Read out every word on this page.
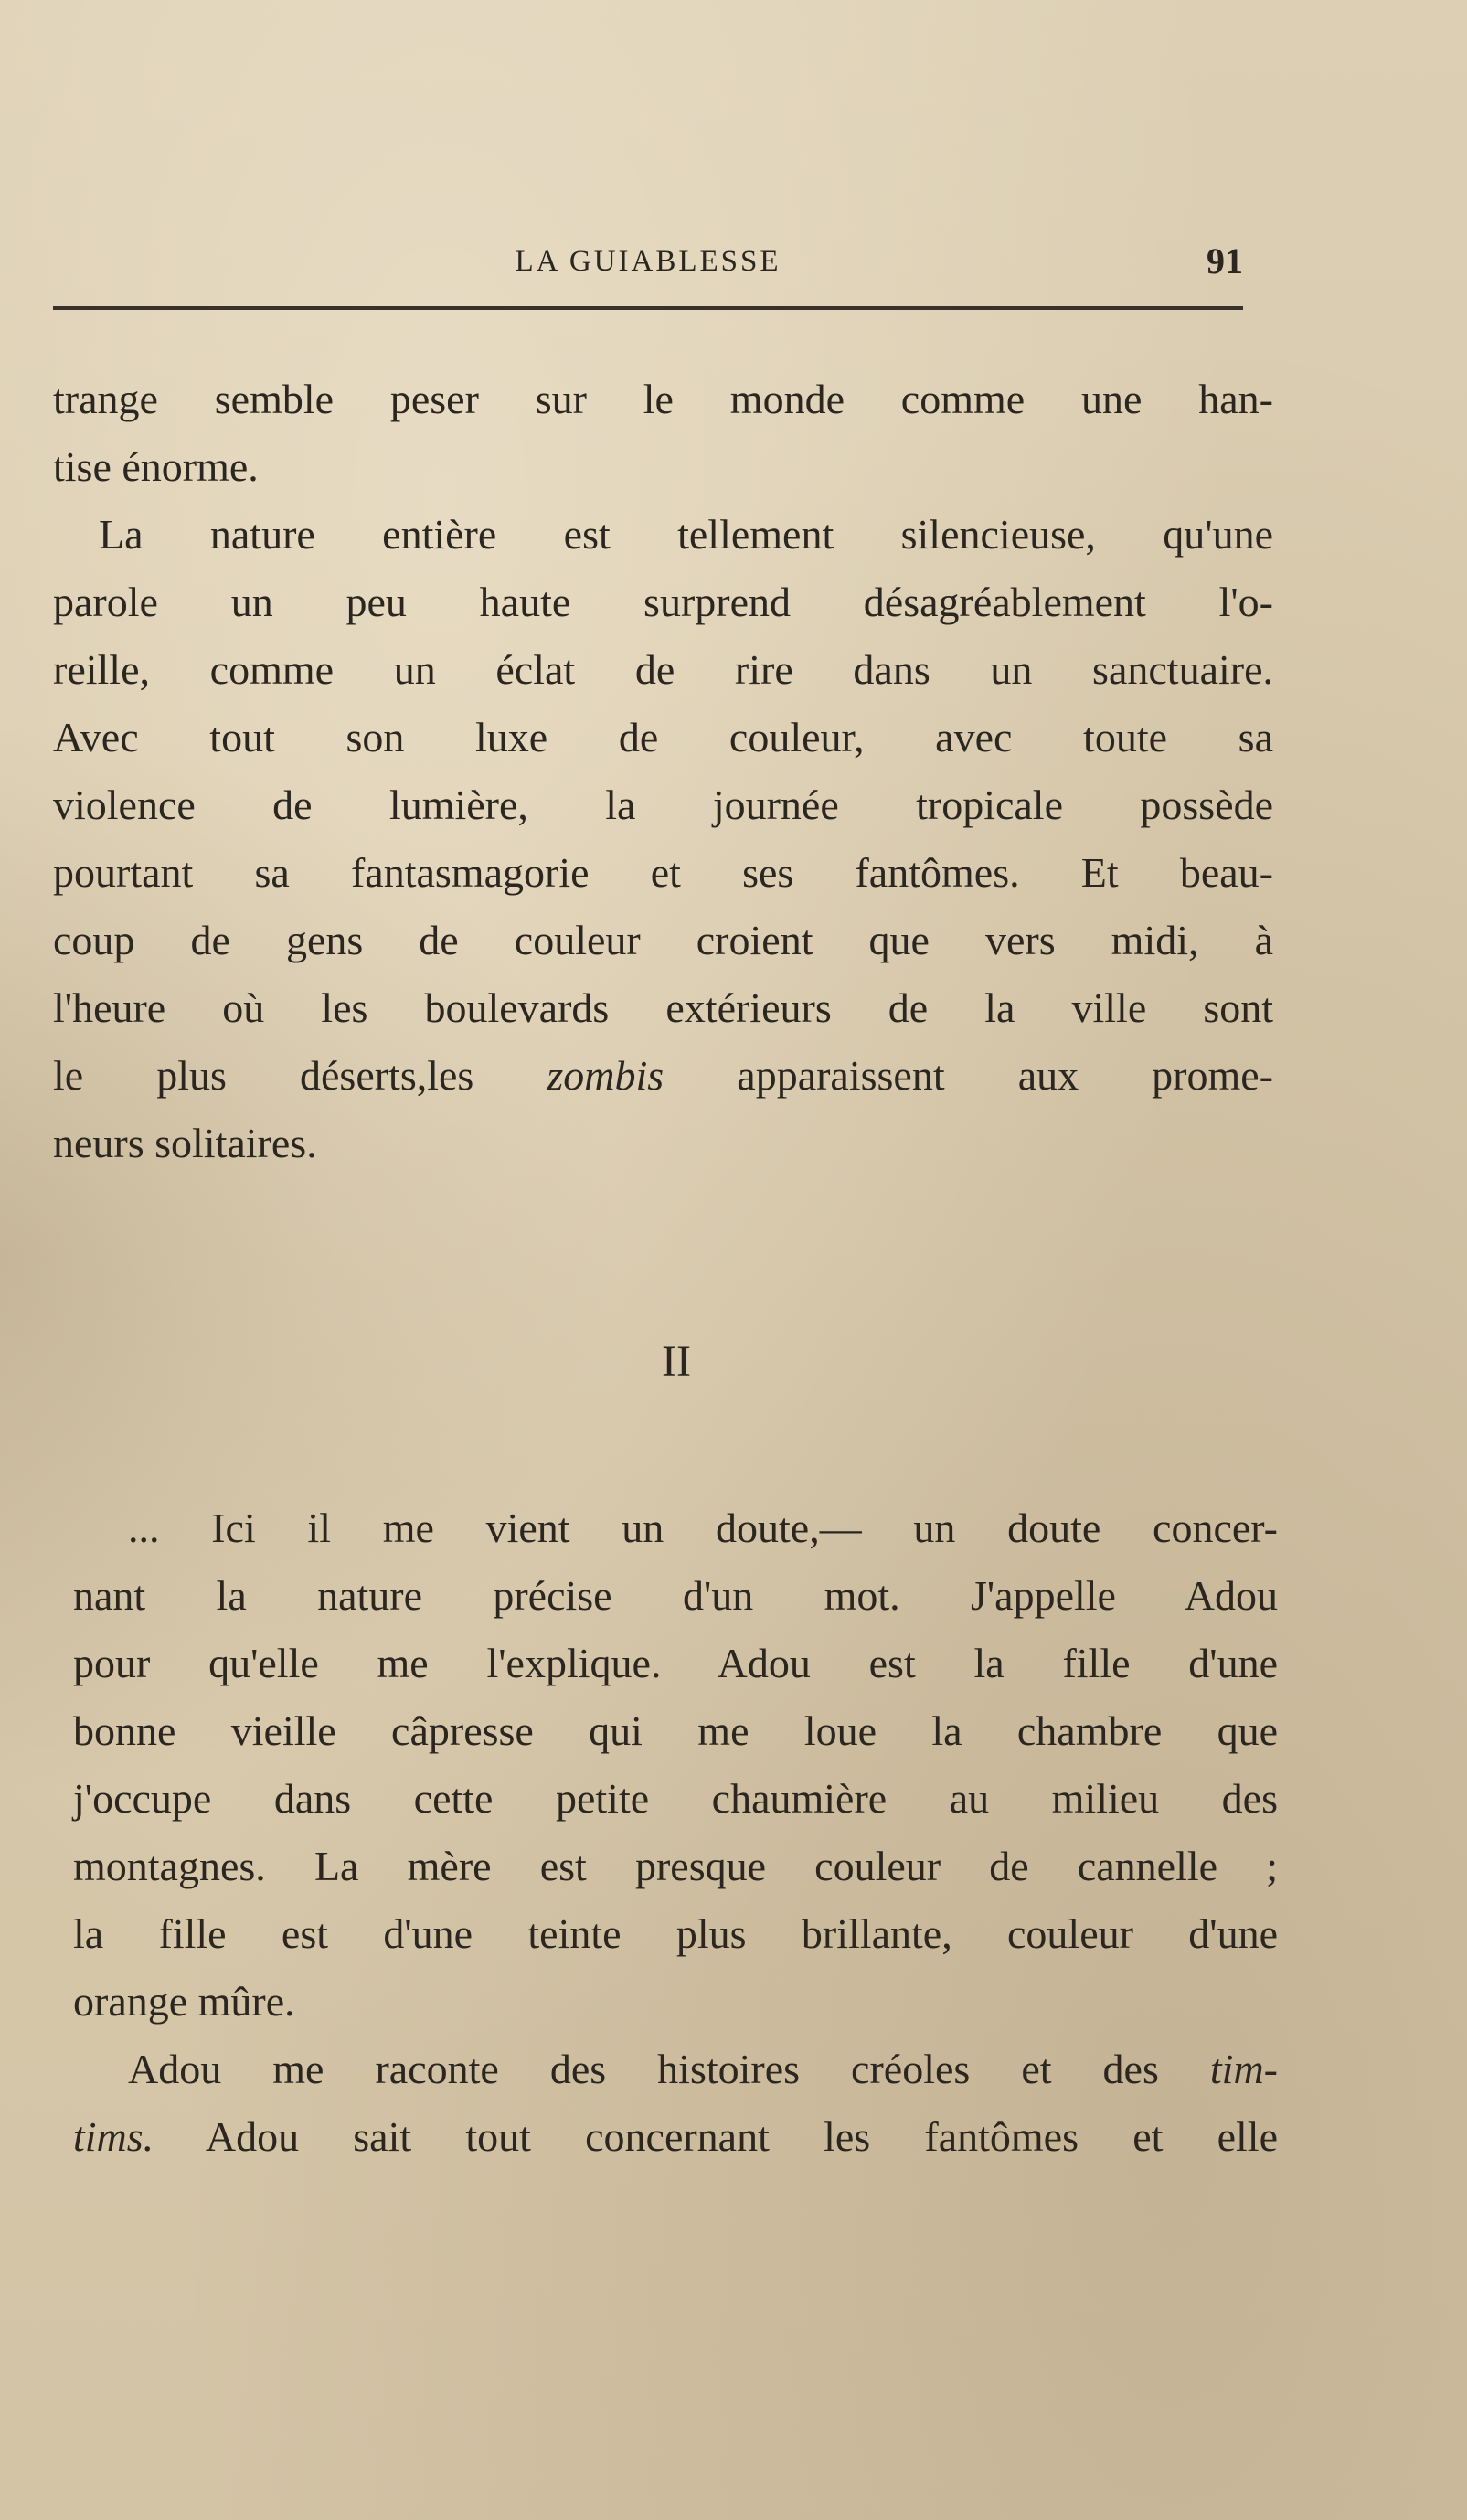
LA GUIABLESSE	91
trange semble peser sur le monde comme une han-
tise énorme.
La nature entière est tellement silencieuse, qu'une
parole un peu haute surprend désagréablement l'o-
reille, comme un éclat de rire dans un sanctuaire.
Avec tout son luxe de couleur, avec toute sa
violence de lumière, la journée tropicale possède
pourtant sa fantasmagorie et ses fantômes. Et beau-
coup de gens de couleur croient que vers midi, à
l'heure où les boulevards extérieurs de la ville sont
le plus déserts,les zombis apparaissent aux prome-
neurs solitaires.
II
... Ici il me vient un doute,— un doute concer-
nant la nature précise d'un mot. J'appelle Adou
pour qu'elle me l'explique. Adou est la fille d'une
bonne vieille câpresse qui me loue la chambre que
j'occupe dans cette petite chaumière au milieu des
montagnes. La mère est presque couleur de cannelle ;
la fille est d'une teinte plus brillante, couleur d'une
orange mûre.
Adou me raconte des histoires créoles et des tim-
tims. Adou sait tout concernant les fantômes et elle
